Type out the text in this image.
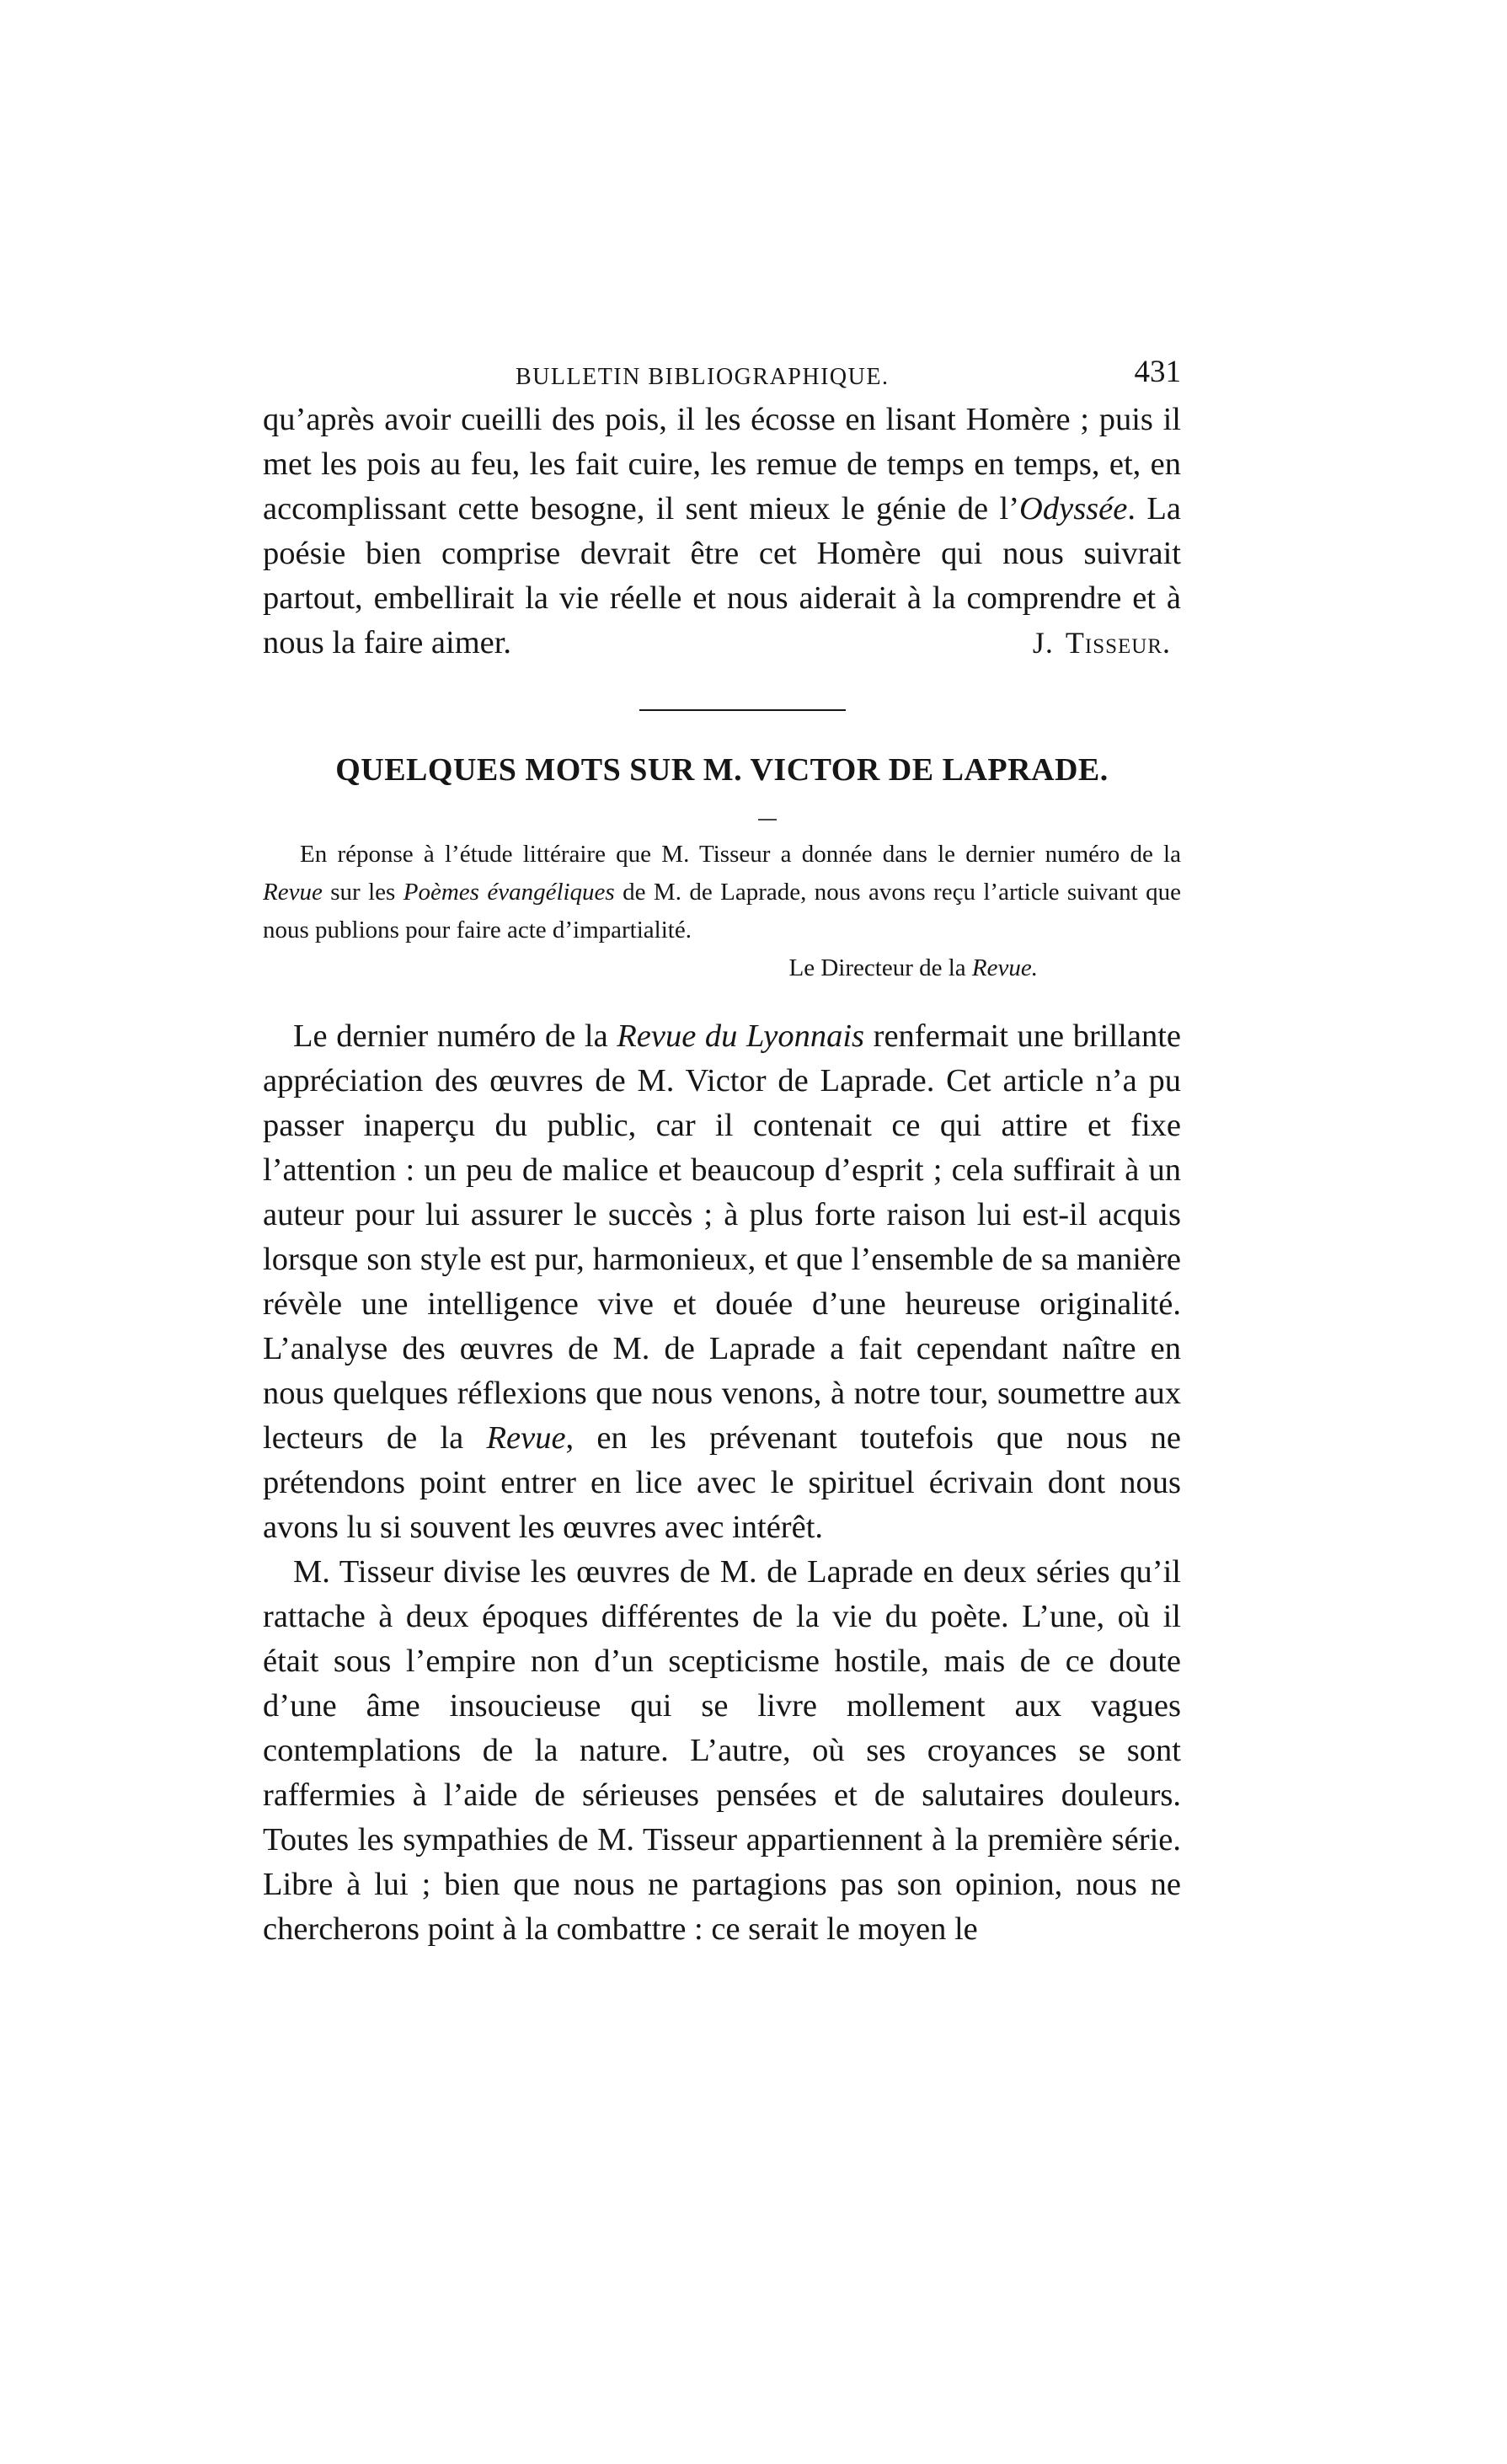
BULLETIN BIBLIOGRAPHIQUE.	431

qu’après avoir cueilli des pois, il les écosse en lisant Homère ; puis il met les pois au feu, les fait cuire, les remue de temps en temps, et, en accomplissant cette besogne, il sent mieux le génie de l’Odyssée. La poésie bien comprise devrait être cet Homère qui nous suivrait partout, embellirait la vie réelle et nous aiderait à la comprendre et à nous la faire aimer.	J. Tisseur.
QUELQUES MOTS SUR M. VICTOR DE LAPRADE.

En réponse à l’étude littéraire que M. Tisseur a donnée dans le dernier numéro de la Revue sur les Poèmes évangéliques de M. de Laprade, nous avons reçu l’article suivant que nous publions pour faire acte d’impartialité.

Le Directeur de la Revue.

Le dernier numéro de la Revue du Lyonnais renfermait une brillante appréciation des œuvres de M. Victor de Laprade. Cet article n’a pu passer inaperçu du public, car il contenait ce qui attire et fixe l’attention : un peu de malice et beaucoup d’esprit ; cela suffirait à un auteur pour lui assurer le succès ; à plus forte raison lui est-il acquis lorsque son style est pur, harmonieux, et que l’ensemble de sa manière révèle une intelligence vive et douée d’une heureuse originalité. L’analyse des œuvres de M. de Laprade a fait cependant naître en nous quelques réflexions que nous venons, à notre tour, soumettre aux lecteurs de la Revue, en les prévenant toutefois que nous ne prétendons point entrer en lice avec le spirituel écrivain dont nous avons lu si souvent les œuvres avec intérêt.

M. Tisseur divise les œuvres de M. de Laprade en deux séries qu’il rattache à deux époques différentes de la vie du poète. L’une, où il était sous l’empire non d’un scepticisme hostile, mais de ce doute d’une âme insoucieuse qui se livre mollement aux vagues contemplations de la nature. L’autre, où ses croyances se sont raffermies à l’aide de sérieuses pensées et de salutaires douleurs. Toutes les sympathies de M. Tisseur appartiennent à la première série. Libre à lui ; bien que nous ne partagions pas son opinion, nous ne chercherons point à la combattre : ce serait le moyen le
